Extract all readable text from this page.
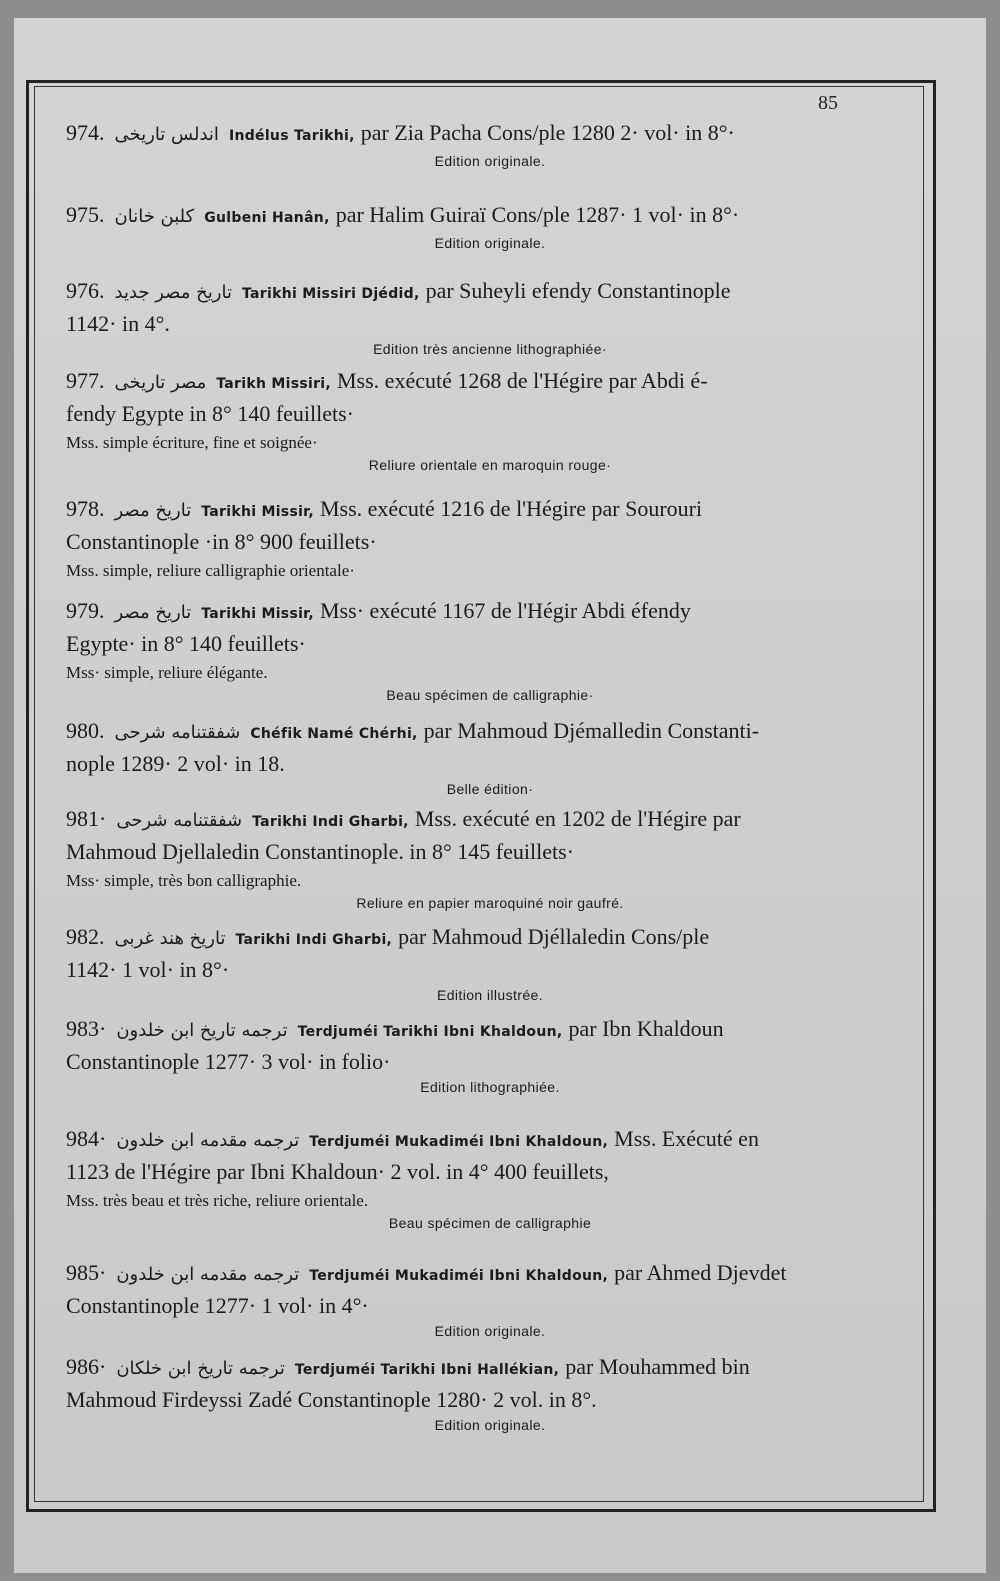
85
974. اندلس تاريخى Indélus Tarikhi, par Zia Pacha Cons/ple 1280 2· vol· in 8°·
Edition originale.
975. كلبن خانان Gulbeni Hanân, par Halim Guiraï Cons/ple 1287· 1 vol· in 8°·
Edition originale.
976. تاريخ مصر جديد Tarikhi Missiri Djédid, par Suheyli efendy Constantinople
1142· in 4°.
Edition très ancienne lithographiée·
977. مصر تاريخى Tarikh Missiri, Mss. exécuté 1268 de l'Hégire par Abdi é-
fendy Egypte in 8° 140 feuillets·
Mss. simple écriture, fine et soignée·
Reliure orientale en maroquin rouge·
978. تاريخ مصر Tarikhi Missir, Mss. exécuté 1216 de l'Hégire par Sourouri
Constantinople ·in 8° 900 feuillets·
Mss. simple, reliure calligraphie orientale·
979. تاريخ مصر Tarikhi Missir, Mss· exécuté 1167 de l'Hégir Abdi éfendy
Egypte· in 8° 140 feuillets·
Mss· simple, reliure élégante.
Beau spécimen de calligraphie·
980. شفقتنامه شرحى Chéfik Namé Chérhi, par Mahmoud Djémalledin Constanti-
nople 1289· 2 vol· in 18.
Belle édition·
981· شفقتنامه شرحى Tarikhi Indi Gharbi, Mss. exécuté en 1202 de l'Hégire par
Mahmoud Djellaledin Constantinople. in 8° 145 feuillets·
Mss· simple, très bon calligraphie.
Reliure en papier maroquiné noir gaufré.
982. تاريخ هند غربى Tarikhi Indi Gharbi, par Mahmoud Djéllaledin Cons/ple
1142· 1 vol· in 8°·
Edition illustrée.
983· ترجمه تاريخ ابن خلدون Terdjuméi Tarikhi Ibni Khaldoun, par Ibn Khaldoun
Constantinople 1277· 3 vol· in folio·
Edition lithographiée.
984· ترجمه مقدمه ابن خلدون Terdjuméi Mukadiméi Ibni Khaldoun, Mss. Exécuté en
1123 de l'Hégire par Ibni Khaldoun· 2 vol. in 4° 400 feuillets,
Mss. très beau et très riche, reliure orientale.
Beau spécimen de calligraphie
985· ترجمه مقدمه ابن خلدون Terdjuméi Mukadiméi Ibni Khaldoun, par Ahmed Djevdet
Constantinople 1277· 1 vol· in 4°·
Edition originale.
986· ترجمه تاريخ ابن خلكان Terdjuméi Tarikhi Ibni Hallékian, par Mouhammed bin
Mahmoud Firdeyssi Zadé Constantinople 1280· 2 vol. in 8°.
Edition originale.
